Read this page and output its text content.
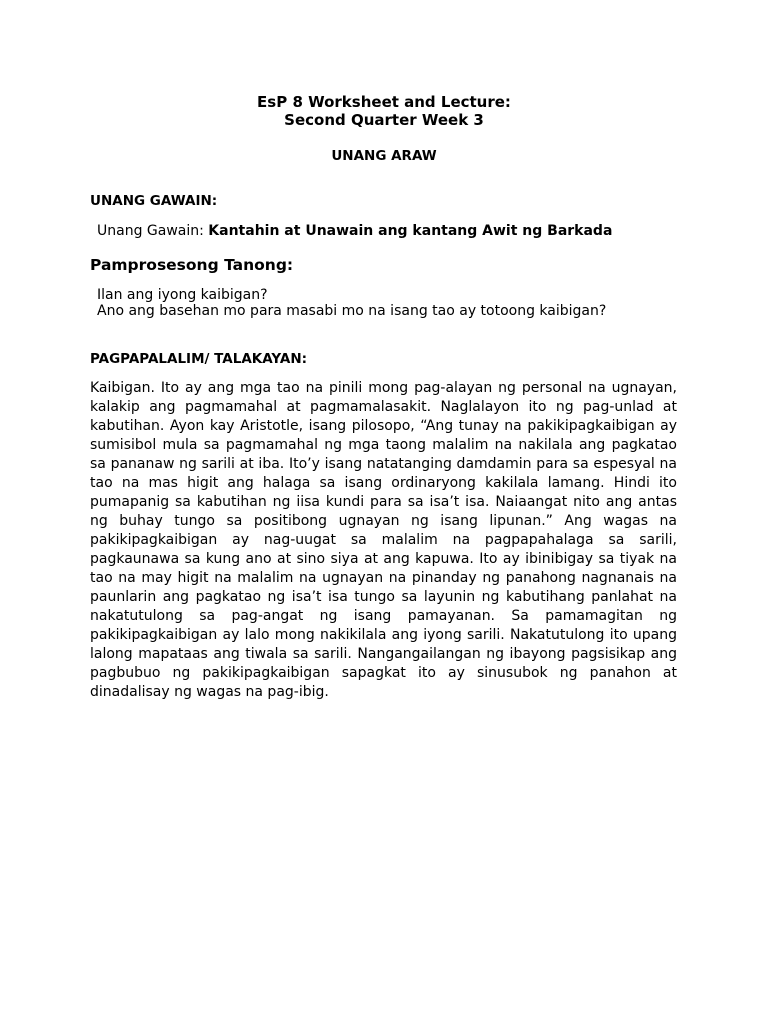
EsP 8 Worksheet and Lecture:
Second Quarter Week 3
UNANG ARAW
UNANG GAWAIN:
Unang Gawain: Kantahin at Unawain ang kantang Awit ng Barkada
Pamprosesong Tanong:
Ilan ang iyong kaibigan?
Ano ang basehan mo para masabi mo na isang tao ay totoong kaibigan?
PAGPAPALALIM/ TALAKAYAN:

Kaibigan. Ito ay ang mga tao na pinili mong pag-alayan ng personal na ugnayan, kalakip ang pagmamahal at pagmamalasakit. Naglalayon ito ng pag-unlad at kabutihan. Ayon kay Aristotle, isang pilosopo, “Ang tunay na pakikipagkaibigan ay sumisibol mula sa pagmamahal ng mga taong malalim na nakilala ang pagkatao sa pananaw ng sarili at iba. Ito’y isang natatanging damdamin para sa espesyal na tao na mas higit ang halaga sa isang ordinaryong kakilala lamang. Hindi ito pumapanig sa kabutihan ng iisa kundi para sa isa’t isa. Naiaangat nito ang antas ng buhay tungo sa positibong ugnayan ng isang lipunan.” Ang wagas na pakikipagkaibigan ay nag-uugat sa malalim na pagpapahalaga sa sarili, pagkaunawa sa kung ano at sino siya at ang kapuwa. Ito ay ibinibigay sa tiyak na tao na may higit na malalim na ugnayan na pinanday ng panahong nagnanais na paunlarin ang pagkatao ng isa’t isa tungo sa layunin ng kabutihang panlahat na nakatutulong sa pag-angat ng isang pamayanan. Sa pamamagitan ng pakikipagkaibigan ay lalo mong nakikilala ang iyong sarili. Nakatutulong ito upang lalong mapataas ang tiwala sa sarili. Nangangailangan ng ibayong pagsisikap ang pagbubuo ng pakikipagkaibigan sapagkat ito ay sinusubok ng panahon at dinadalisay ng wagas na pag-ibig.
